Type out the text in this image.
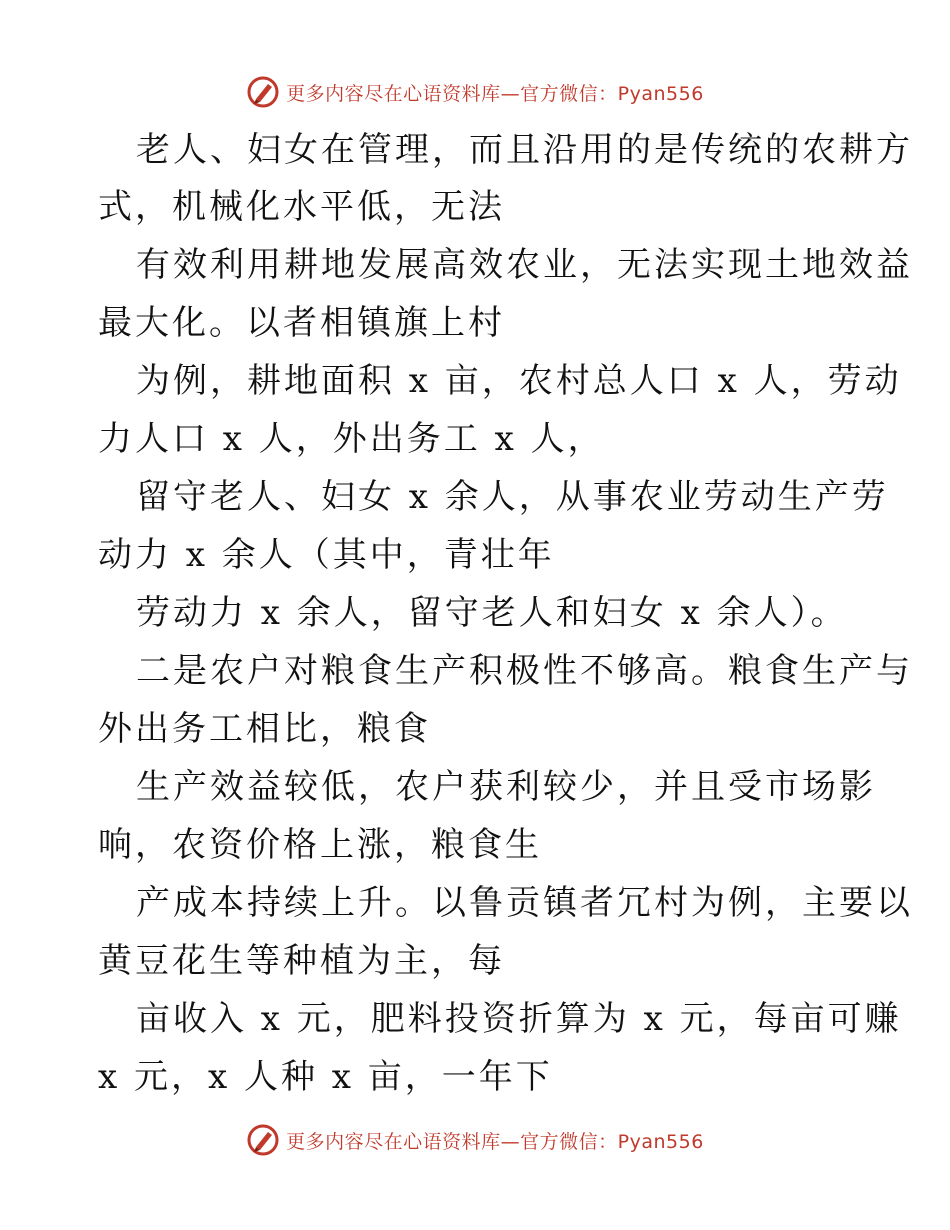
更多内容尽在心语资料库—官方微信：Pyan556
老人、妇女在管理，而且沿用的是传统的农耕方
式，机械化水平低，无法
有效利用耕地发展高效农业，无法实现土地效益
最大化。以者相镇旗上村
为例，耕地面积 x 亩，农村总人口 x 人，劳动
力人口 x 人，外出务工 x 人，
留守老人、妇女 x 余人，从事农业劳动生产劳
动力 x 余人（其中，青壮年
劳动力 x 余人，留守老人和妇女 x 余人）。
二是农户对粮食生产积极性不够高。粮食生产与
外出务工相比，粮食
生产效益较低，农户获利较少，并且受市场影
响，农资价格上涨，粮食生
产成本持续上升。以鲁贡镇者冗村为例，主要以
黄豆花生等种植为主，每
亩收入 x 元，肥料投资折算为 x 元，每亩可赚
x 元，x 人种 x 亩，一年下
更多内容尽在心语资料库—官方微信：Pyan556
